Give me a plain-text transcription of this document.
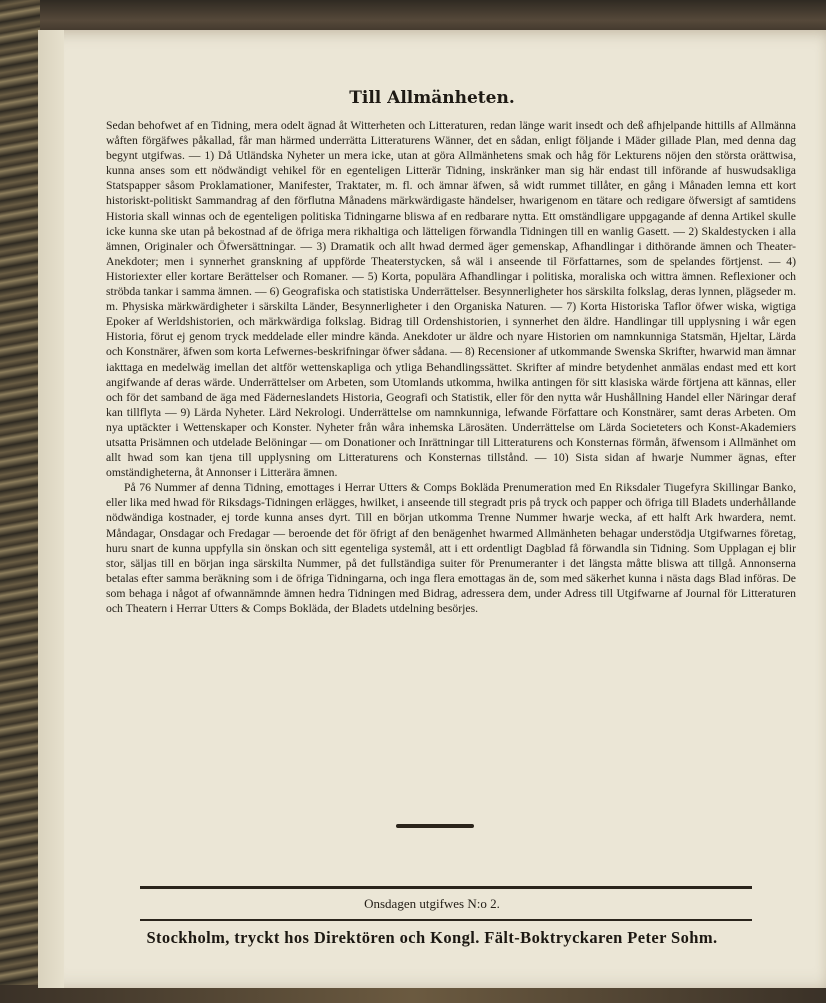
Till Allmänheten.

Sedan behofwet af en Tidning, mera odelt ägnad åt Witterheten och Litteraturen, redan länge warit insedt och deß afhjelpande hittills af Allmänna wåften förgäfwes påkallad, får man härmed underrätta Litteraturens Wänner, det en sådan, enligt följande i Mäder gillade Plan, med denna dag begynt utgifwas. — 1) Då Utländska Nyheter un mera icke, utan at göra Allmänhetens smak och håg för Lekturens nöjen den största orättwisa, kunna anses som ett nödwändigt vehikel för en egenteligen Litterär Tidning, inskränker man sig här endast till införande af huswudsakliga Statspapper såsom Proklamationer, Manifester, Traktater, m. fl. och ämnar äfwen, så widt rummet tillåter, en gång i Månaden lemna ett kort historiskt-politiskt Sammandrag af den förflutna Månadens märkwärdigaste händelser, hwarigenom en tätare och redigare öfwersigt af samtidens Historia skall winnas och de egenteligen politiska Tidningarne bliswa af en redbarare nytta. Ett omständligare uppgagande af denna Artikel skulle icke kunna ske utan på bekostnad af de öfriga mera rikhaltiga och lätteligen förwandla Tidningen till en wanlig Gasett. — 2) Skaldestycken i alla ämnen, Originaler och Öfwersättningar. — 3) Dramatik och allt hwad dermed äger gemenskap, Afhandlingar i dithörande ämnen och Theater-Anekdoter; men i synnerhet granskning af uppförde Theaterstycken, så wäl i anseende til Författarnes, som de spelandes förtjenst. — 4) Historiexter eller kortare Berättelser och Romaner. — 5) Korta, populära Afhandlingar i politiska, moraliska och wittra ämnen. Reflexioner och ströbda tankar i samma ämnen. — 6) Geografiska och statistiska Underrättelser. Besynnerligheter hos särskilta folkslag, deras lynnen, plägseder m. m. Physiska märkwärdigheter i särskilta Länder, Besynnerligheter i den Organiska Naturen. — 7) Korta Historiska Taflor öfwer wiska, wigtiga Epoker af Werldshistorien, och märkwärdiga folkslag. Bidrag till Ordenshistorien, i synnerhet den äldre. Handlingar till upplysning i wår egen Historia, förut ej genom tryck meddelade eller mindre kända. Anekdoter ur äldre och nyare Historien om namnkunniga Statsmän, Hjeltar, Lärda och Konstnärer, äfwen som korta Lefwernes-beskrifningar öfwer sådana. — 8) Recensioner af utkommande Swenska Skrifter, hwarwid man ämnar iakttaga en medelwäg imellan det altför wettenskapliga och ytliga Behandlingssättet. Skrifter af mindre betydenhet anmälas endast med ett kort angifwande af deras wärde. Underrättelser om Arbeten, som Utomlands utkomma, hwilka antingen för sitt klasiska wärde förtjena att kännas, eller och för det samband de äga med Fäderneslandets Historia, Geografi och Statistik, eller för den nytta wår Hushållning Handel eller Näringar deraf kan tillflyta — 9) Lärda Nyheter. Lärd Nekrologi. Underrättelse om namnkunniga, lefwande Författare och Konstnärer, samt deras Arbeten. Om nya uptäckter i Wettenskaper och Konster. Nyheter från wåra inhemska Lärosäten. Underrättelse om Lärda Societeters och Konst-Akademiers utsatta Prisämnen och utdelade Belöningar — om Donationer och Inrättningar till Litteraturens och Konsternas förmån, äfwensom i Allmänhet om allt hwad som kan tjena till upplysning om Litteraturens och Konsternas tillstånd. — 10) Sista sidan af hwarje Nummer ägnas, efter omständigheterna, åt Annonser i Litterära ämnen.

På 76 Nummer af denna Tidning, emottages i Herrar Utters & Comps Bokläda Prenumeration med En Riksdaler Tiugefyra Skillingar Banko, eller lika med hwad för Riksdags-Tidningen erlägges, hwilket, i anseende till stegradt pris på tryck och papper och öfriga till Bladets underhållande nödwändiga kostnader, ej torde kunna anses dyrt. Till en början utkomma Trenne Nummer hwarje wecka, af ett halft Ark hwardera, nemt. Måndagar, Onsdagar och Fredagar — beroende det för öfrigt af den benägenhet hwarmed Allmänheten behagar understödja Utgifwarnes företag, huru snart de kunna uppfylla sin önskan och sitt egenteliga systemål, att i ett ordentligt Dagblad få förwandla sin Tidning. Som Upplagan ej blir stor, säljas till en början inga särskilta Nummer, på det fullständiga suiter för Prenumeranter i det längsta måtte bliswa att tillgå. Annonserna betalas efter samma beräkning som i de öfriga Tidningarna, och inga flera emottagas än de, som med säkerhet kunna i nästa dags Blad införas. De som behaga i något af ofwannämnde ämnen hedra Tidningen med Bidrag, adressera dem, under Adress till Utgifwarne af Journal för Litteraturen och Theatern i Herrar Utters & Comps Bokläda, der Bladets utdelning besörjes.

Onsdagen utgifwes N:o 2.

Stockholm, tryckt hos Direktören och Kongl. Fält-Boktryckaren Peter Sohm.
